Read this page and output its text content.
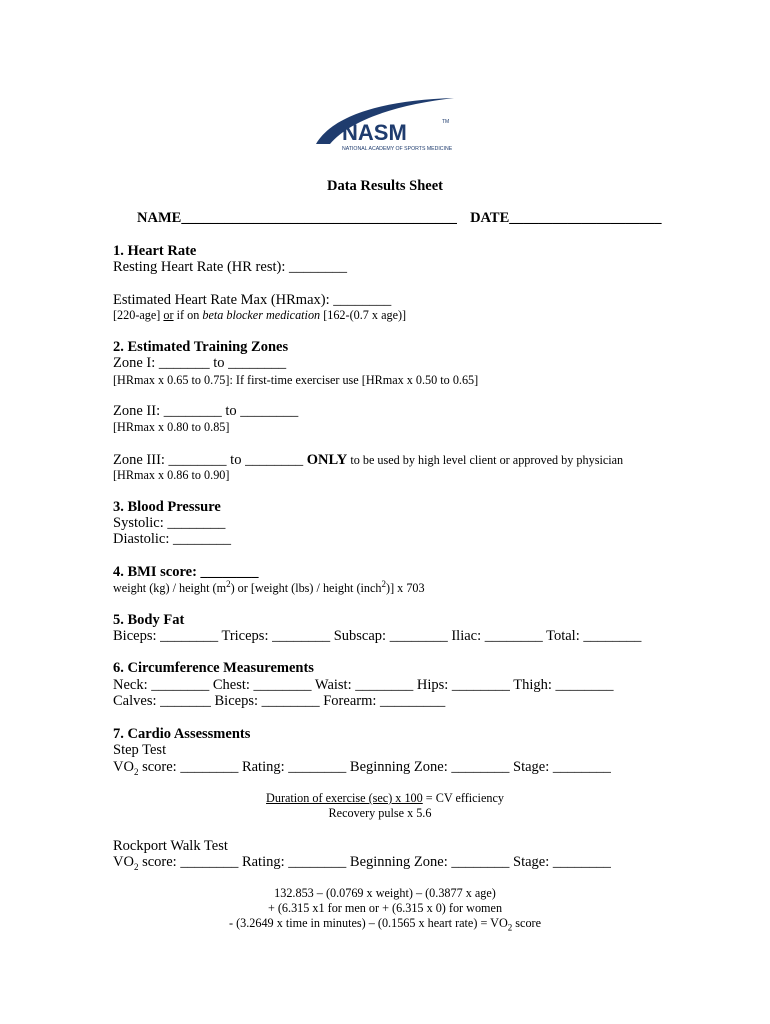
NASM	TM
NATIONAL ACADEMY OF SPORTS MEDICINE
Data Results Sheet
NAME______________________________________ DATE_____________________
1. Heart Rate
Resting Heart Rate (HR rest): ________
Estimated Heart Rate Max (HRmax): ________
[220-age] or if on beta blocker medication [162-(0.7 x age)]
2. Estimated Training Zones
Zone I: _______ to ________
[HRmax x 0.65 to 0.75]: If first-time exerciser use [HRmax x 0.50 to 0.65]
Zone II: ________ to ________
[HRmax x 0.80 to 0.85]
Zone III: ________ to ________ ONLY to be used by high level client or approved by physician
[HRmax x 0.86 to 0.90]
3. Blood Pressure
Systolic: ________
Diastolic: ________
4. BMI score: ________
weight (kg) / height $(m^2)$ or [weight (lbs) / height (inch$^2$)] x 703
5. Body Fat
Biceps: ________ Triceps: ________ Subscap: ________ Iliac: ________ Total: ________
6. Circumference Measurements
Neck: ________ Chest: ________ Waist: ________ Hips: ________ Thigh: ________
Calves: _______ Biceps: ________ Forearm: _________
7. Cardio Assessments
Step Test
$VO_2$ score: ________ Rating: ________ Beginning Zone: ________ Stage: ________
Duration of exercise (sec) x 100 = CV efficiency
Recovery pulse x 5.6
Rockport Walk Test
$VO_2$ score: ________ Rating: ________ Beginning Zone: ________ Stage: ________
132.853 – (0.0769 x weight) – (0.3877 x age)
+ (6.315 x1 for men or + (6.315 x 0) for women
- (3.2649 x time in minutes) – (0.1565 x heart rate) = $VO_2$ score
